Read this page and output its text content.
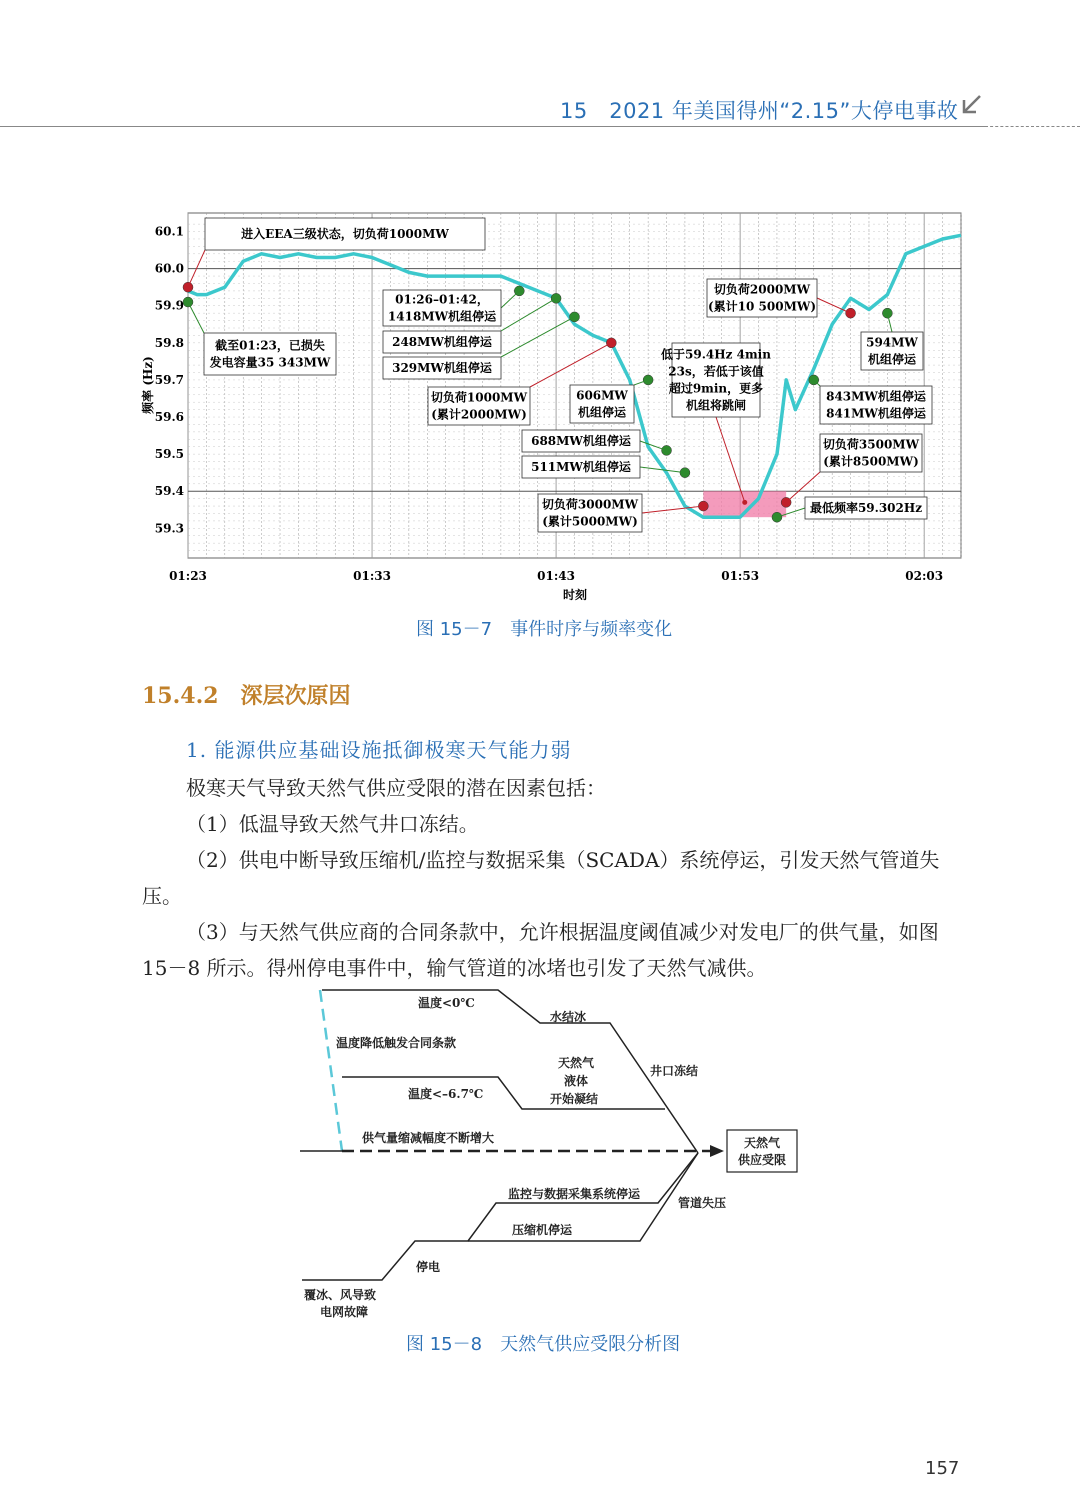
15　2021 年美国得州“2.15”大停电事故
60.1
60.0
59.9
59.8
59.7
59.6
59.5
59.4
59.3
01:23	01:33	01:43	01:53	02:03
频率 (Hz)
时刻
进入EEA三级状态，切负荷1000MW
截至01:23，已损失
发电容量35 343MW
01:26–01:42，
1418MW机组停运
248MW机组停运
329MW机组停运
切负荷1000MW
(累计2000MW)
606MW
机组停运
低于59.4Hz 4min
23s，若低于该值
超过9min，更多
机组将跳闸
688MW机组停运
511MW机组停运
切负荷3000MW
(累计5000MW)
切负荷2000MW
(累计10 500MW)
594MW
机组停运
843MW机组停运
841MW机组停运
切负荷3500MW
(累计8500MW)
最低频率59.302Hz
图 15－7　事件时序与频率变化
15.4.2　深层次原因
1. 能源供应基础设施抵御极寒天气能力弱
极寒天气导致天然气供应受限的潜在因素包括：
（1）低温导致天然气井口冻结。
（2）供电中断导致压缩机/监控与数据采集（SCADA）系统停运，引发天然气管道失压。
（3）与天然气供应商的合同条款中，允许根据温度阈值减少对发电厂的供气量，如图 15－8 所示。得州停电事件中，输气管道的冰堵也引发了天然气减供。
温度<0℃
水结冰
温度降低触发合同条款
天然气
液体
开始凝结
井口冻结
温度<–6.7℃
供气量缩减幅度不断增大	天然气
供应受限
监控与数据采集系统停运
管道失压
压缩机停运
停电
覆冰、风导致
电网故障
图 15－8　天然气供应受限分析图
157
